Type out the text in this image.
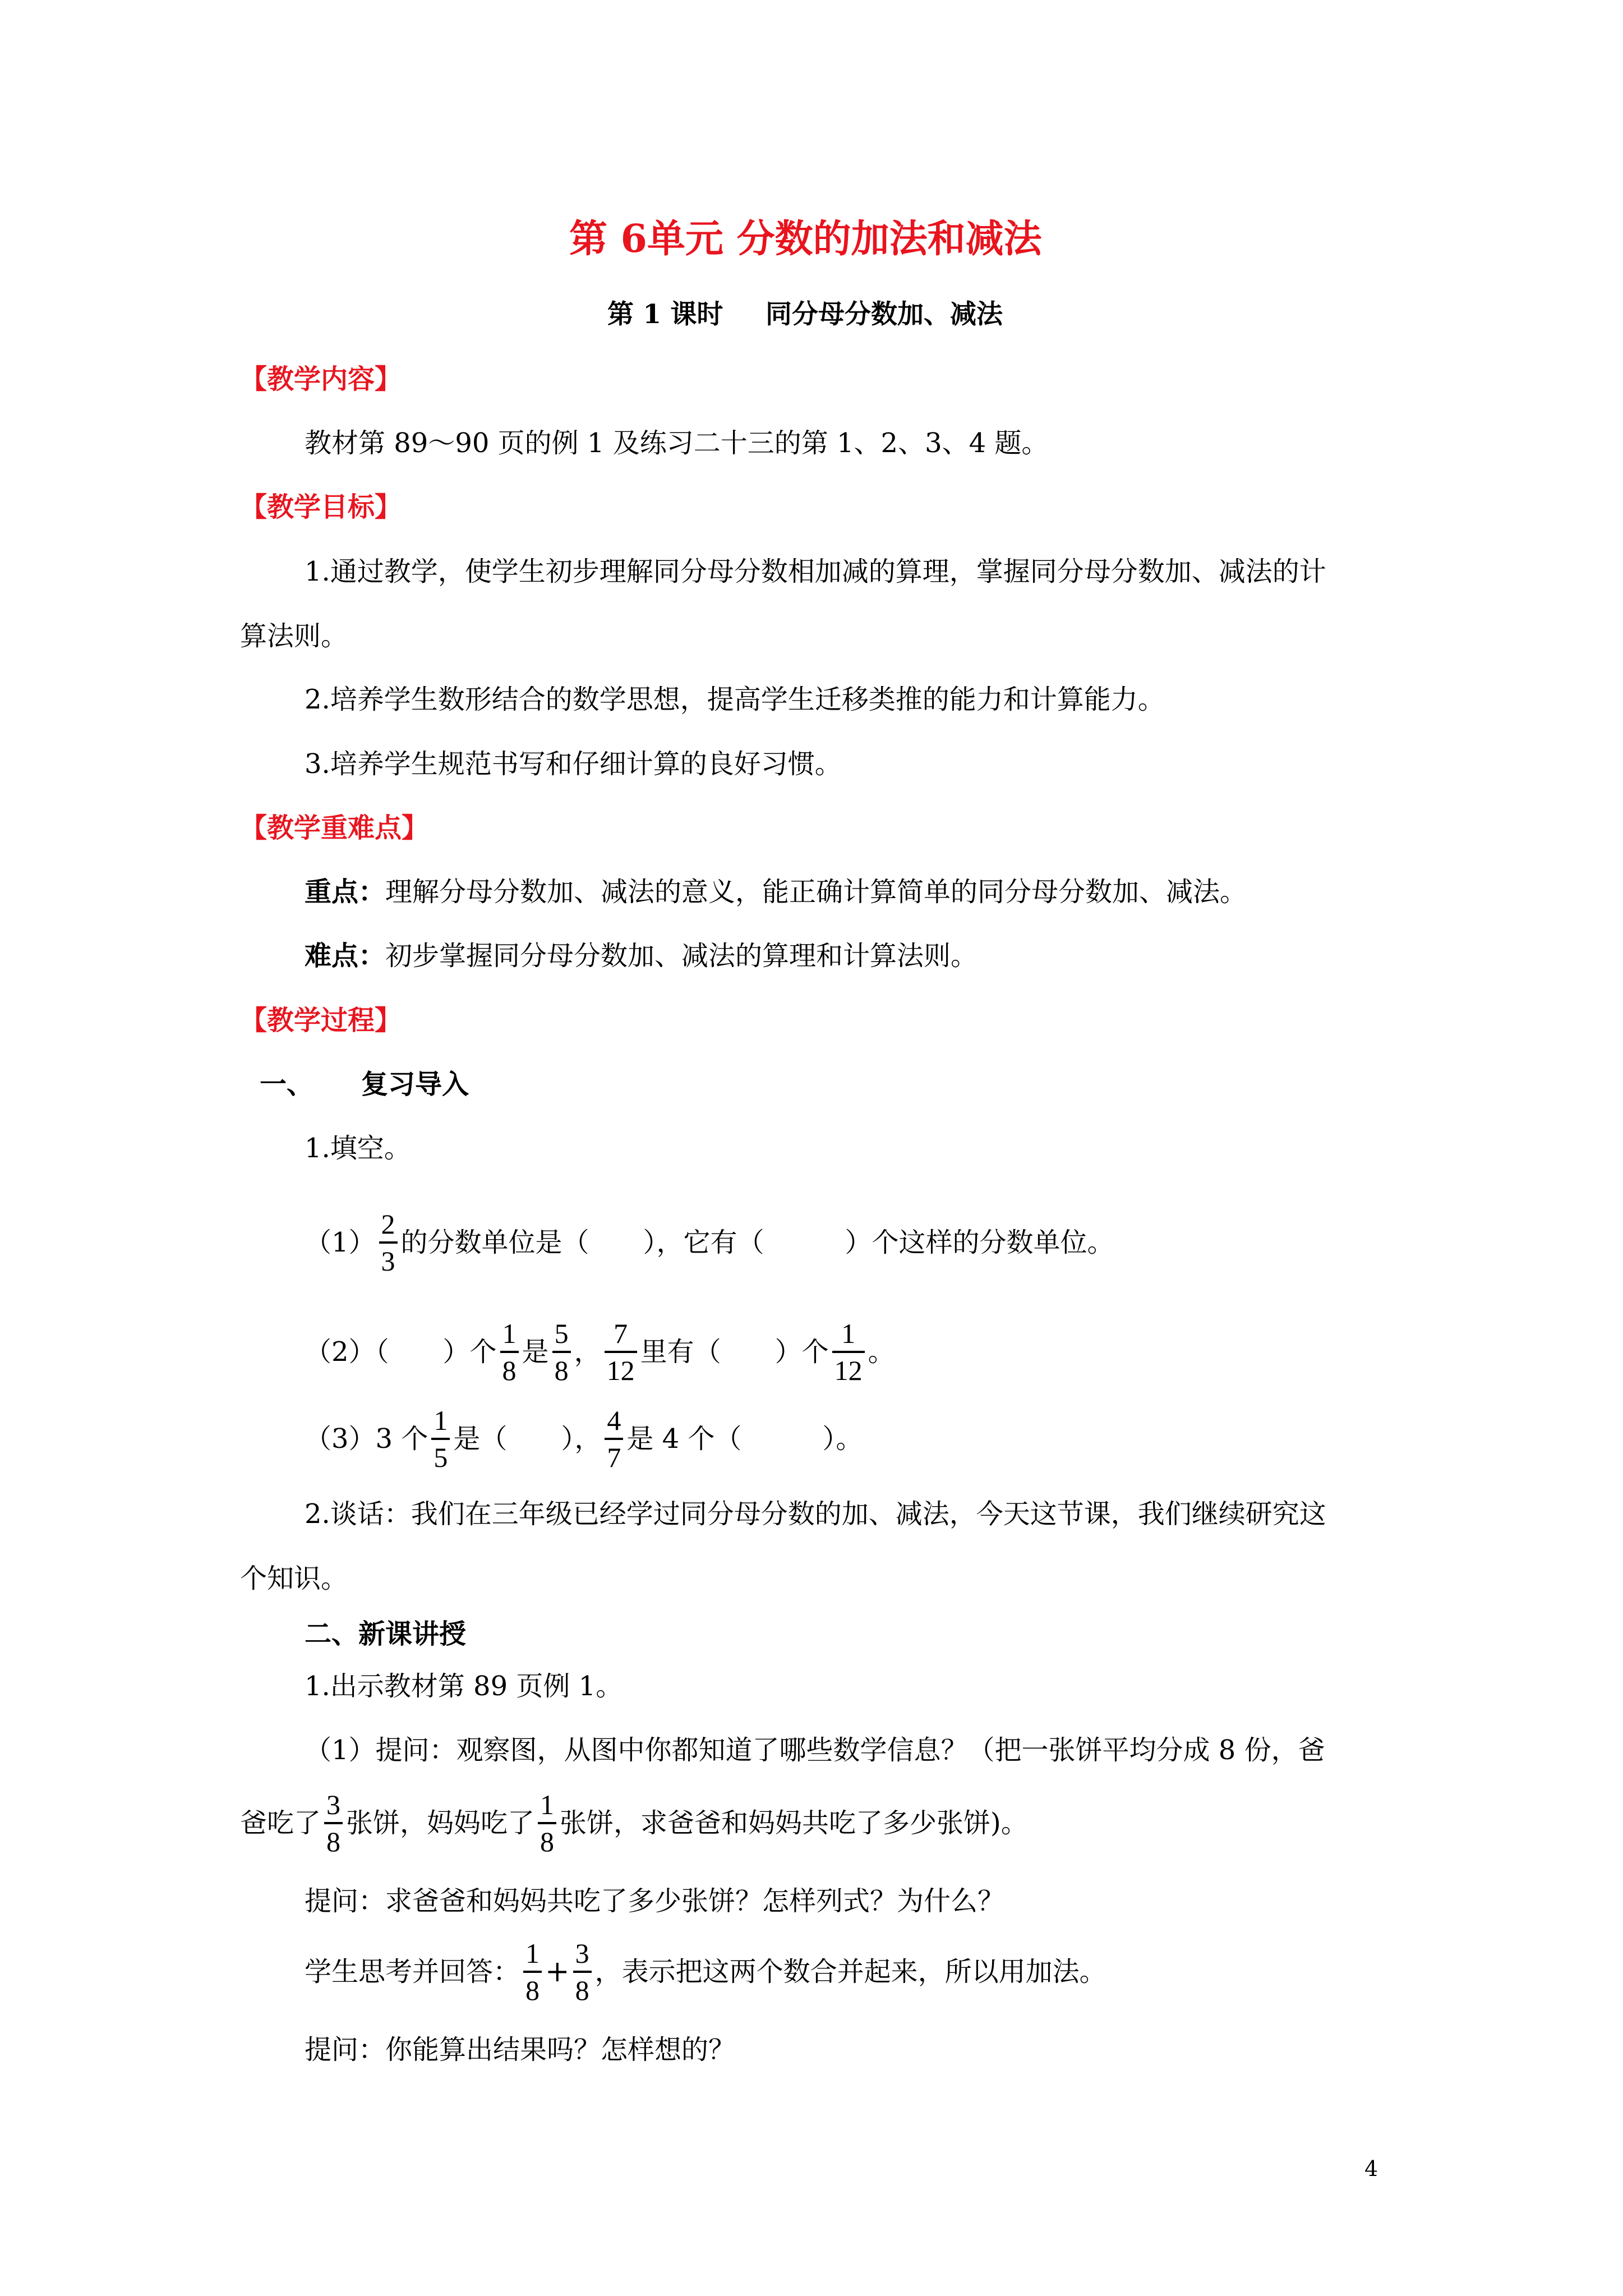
第 6单元 分数的加法和减法
第 1 课时 同分母分数加、减法
【教学内容】
教材第 89～90 页的例 1 及练习二十三的第 1、2、3、4 题。
【教学目标】
1.通过教学，使学生初步理解同分母分数相加减的算理，掌握同分母分数加、减法的计
算法则。
2.培养学生数形结合的数学思想，提高学生迁移类推的能力和计算能力。
3.培养学生规范书写和仔细计算的良好习惯。
【教学重难点】
重点：理解分母分数加、减法的意义，能正确计算简单的同分母分数加、减法。
难点：初步掌握同分母分数加、减法的算理和计算法则。
【教学过程】
一、 复习导入
1.填空。
$(1) \frac{2}{3}$ 的分数单位是（　　），它有（　　　）个这样的分数单位。
（2）（　　）个 $\frac{1}{8}$ 是 $\frac{5}{8}$ ， $\frac{7}{12}$ 里有（　　）个 $\frac{1}{12}$ 。
（3）3 个 $\frac{1}{5}$ 是（　　）， $\frac{4}{7}$ 是 4 个（　　　）。
2.谈话：我们在三年级已经学过同分母分数的加、减法，今天这节课，我们继续研究这
个知识。
二、新课讲授
1.出示教材第 89 页例 1。
（1）提问：观察图，从图中你都知道了哪些数学信息？（把一张饼平均分成 8 份，爸
爸吃了 $\frac{3}{8}$ 张饼，妈妈吃了 $\frac{1}{8}$ 张饼，求爸爸和妈妈共吃了多少张饼)。
提问：求爸爸和妈妈共吃了多少张饼？怎样列式？为什么？
学生思考并回答： $\frac{1}{8} + \frac{3}{8}$ ，表示把这两个数合并起来，所以用加法。
提问：你能算出结果吗？怎样想的？
4
